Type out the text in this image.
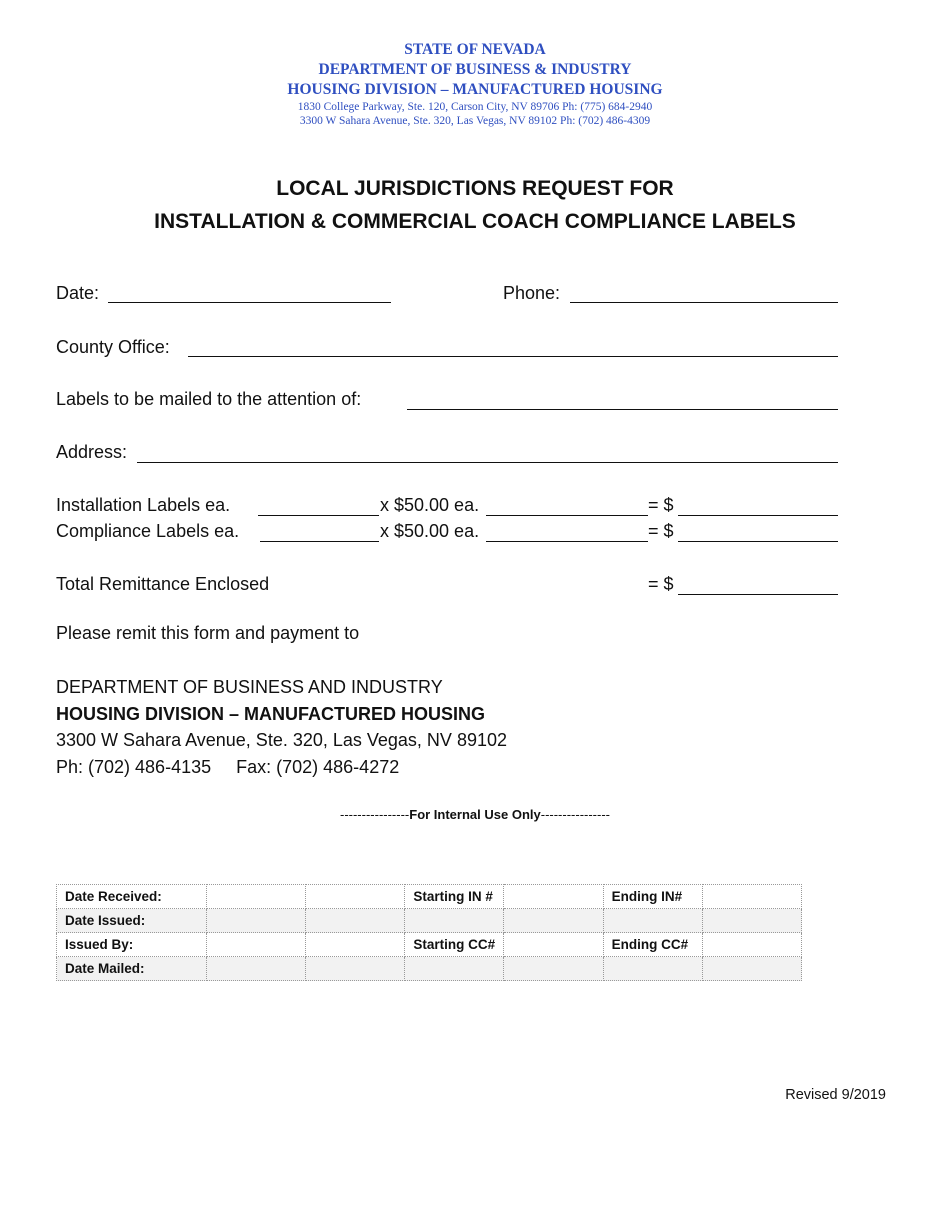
STATE OF NEVADA
DEPARTMENT OF BUSINESS & INDUSTRY
HOUSING DIVISION – MANUFACTURED HOUSING
1830 College Parkway, Ste. 120, Carson City, NV 89706 Ph: (775) 684-2940
3300 W Sahara Avenue, Ste. 320, Las Vegas, NV 89102 Ph: (702) 486-4309
LOCAL JURISDICTIONS REQUEST FOR
INSTALLATION & COMMERCIAL COACH COMPLIANCE LABELS
Date:	Phone:
County Office:
Labels to be mailed to the attention of:
Address:
Installation Labels ea.	x $50.00 ea.	= $
Compliance Labels ea.	x $50.00 ea.	= $
Total Remittance Enclosed	= $
Please remit this form and payment to
DEPARTMENT OF BUSINESS AND INDUSTRY
HOUSING DIVISION – MANUFACTURED HOUSING
3300 W Sahara Avenue, Ste. 320, Las Vegas, NV 89102
Ph: (702) 486-4135 Fax: (702) 486-4272
----------------For Internal Use Only----------------
Date Received:			Starting IN #		Ending IN#	
Date Issued:						
Issued By:			Starting CC#		Ending CC#	
Date Mailed:						
Revised 9/2019
